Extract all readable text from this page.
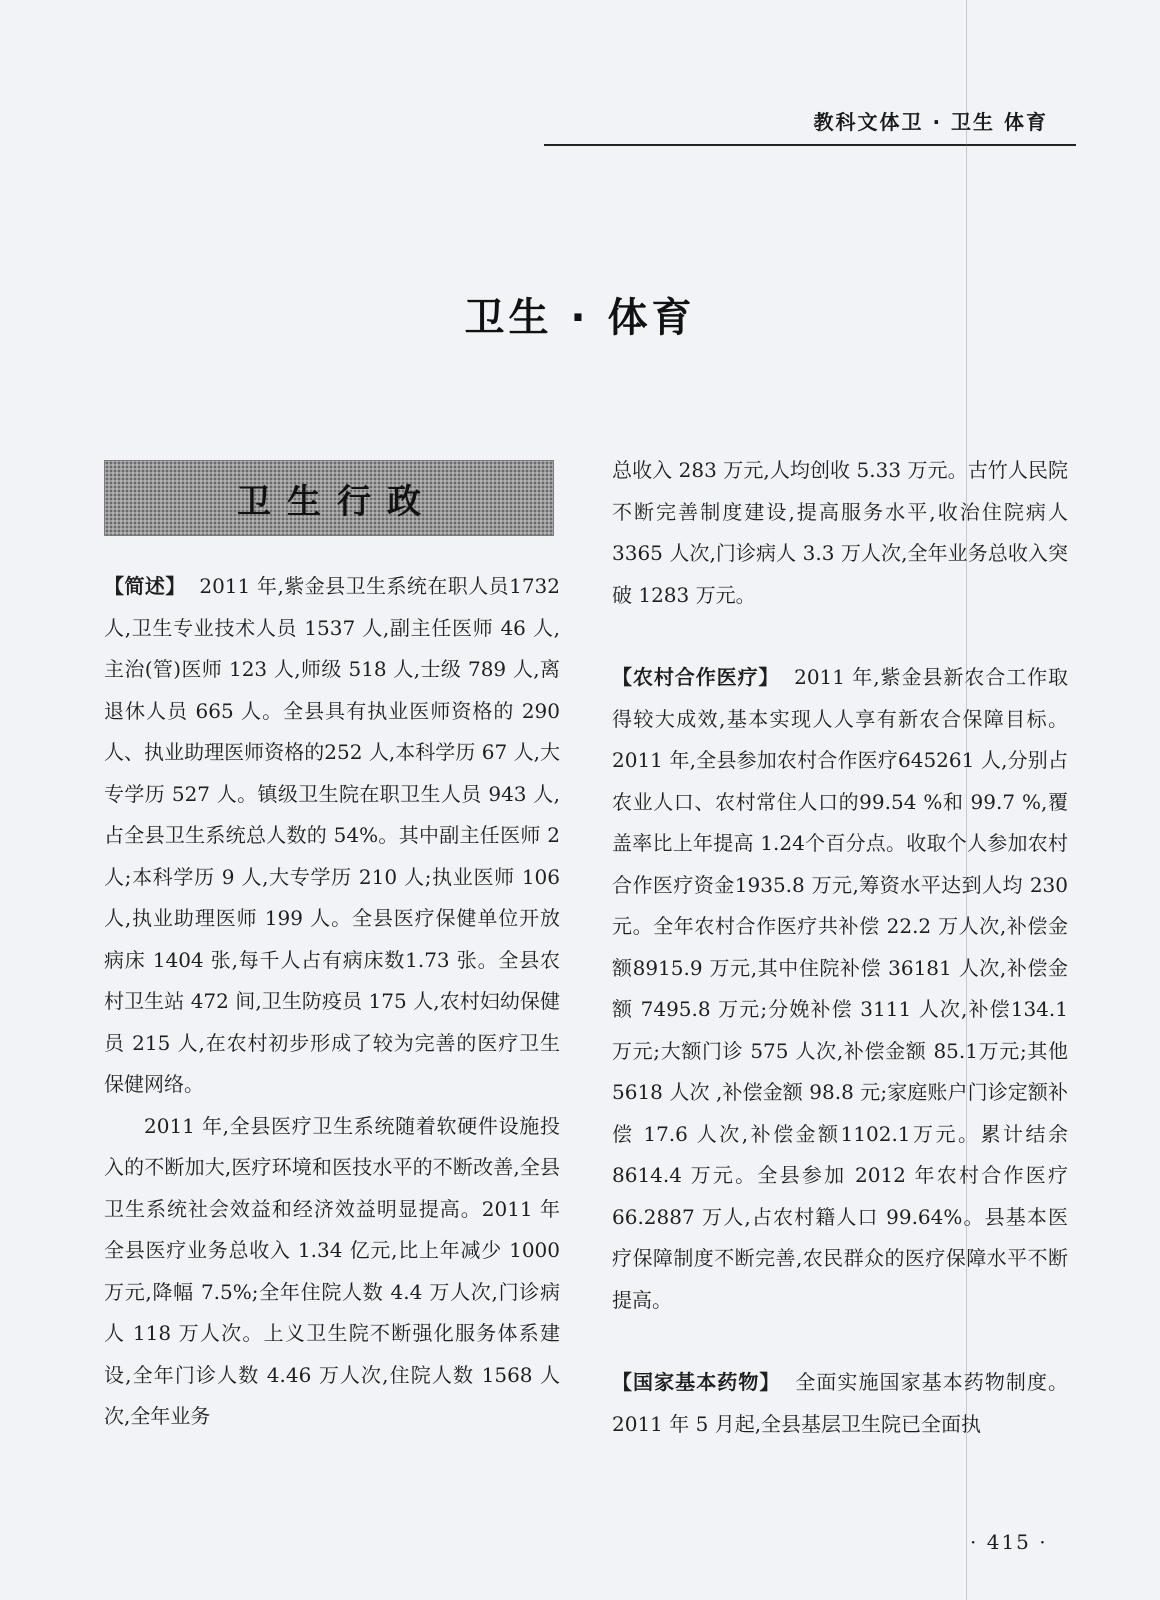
教科文体卫 · 卫生 体育
卫生 · 体育
卫生行政

【简述】 2011 年,紫金县卫生系统在职人员1732 人,卫生专业技术人员 1537 人,副主任医师 46 人,主治(管)医师 123 人,师级 518 人,士级 789 人,离退休人员 665 人。全县具有执业医师资格的 290 人、执业助理医师资格的252 人,本科学历 67 人,大专学历 527 人。镇级卫生院在职卫生人员 943 人,占全县卫生系统总人数的 54%。其中副主任医师 2 人;本科学历 9 人,大专学历 210 人;执业医师 106 人,执业助理医师 199 人。全县医疗保健单位开放病床 1404 张,每千人占有病床数1.73 张。全县农村卫生站 472 间,卫生防疫员 175 人,农村妇幼保健员 215 人,在农村初步形成了较为完善的医疗卫生保健网络。

2011 年,全县医疗卫生系统随着软硬件设施投入的不断加大,医疗环境和医技水平的不断改善,全县卫生系统社会效益和经济效益明显提高。2011 年全县医疗业务总收入 1.34 亿元,比上年减少 1000 万元,降幅 7.5%;全年住院人数 4.4 万人次,门诊病人 118 万人次。上义卫生院不断强化服务体系建设,全年门诊人数 4.46 万人次,住院人数 1568 人次,全年业务

总收入 283 万元,人均创收 5.33 万元。古竹人民院不断完善制度建设,提高服务水平,收治住院病人 3365 人次,门诊病人 3.3 万人次,全年业务总收入突破 1283 万元。

【农村合作医疗】 2011 年,紫金县新农合工作取得较大成效,基本实现人人享有新农合保障目标。2011 年,全县参加农村合作医疗645261 人,分别占农业人口、农村常住人口的99.54 %和 99.7 %,覆盖率比上年提高 1.24个百分点。收取个人参加农村合作医疗资金1935.8 万元,筹资水平达到人均 230 元。全年农村合作医疗共补偿 22.2 万人次,补偿金额8915.9 万元,其中住院补偿 36181 人次,补偿金额 7495.8 万元;分娩补偿 3111 人次,补偿134.1 万元;大额门诊 575 人次,补偿金额 85.1万元;其他 5618 人次 ,补偿金额 98.8 元;家庭账户门诊定额补偿 17.6 人次,补偿金额1102.1万元。累计结余 8614.4 万元。全县参加 2012 年农村合作医疗 66.2887 万人,占农村籍人口 99.64%。县基本医疗保障制度不断完善,农民群众的医疗保障水平不断提高。

【国家基本药物】 全面实施国家基本药物制度。2011 年 5 月起,全县基层卫生院已全面执

· 415 ·
